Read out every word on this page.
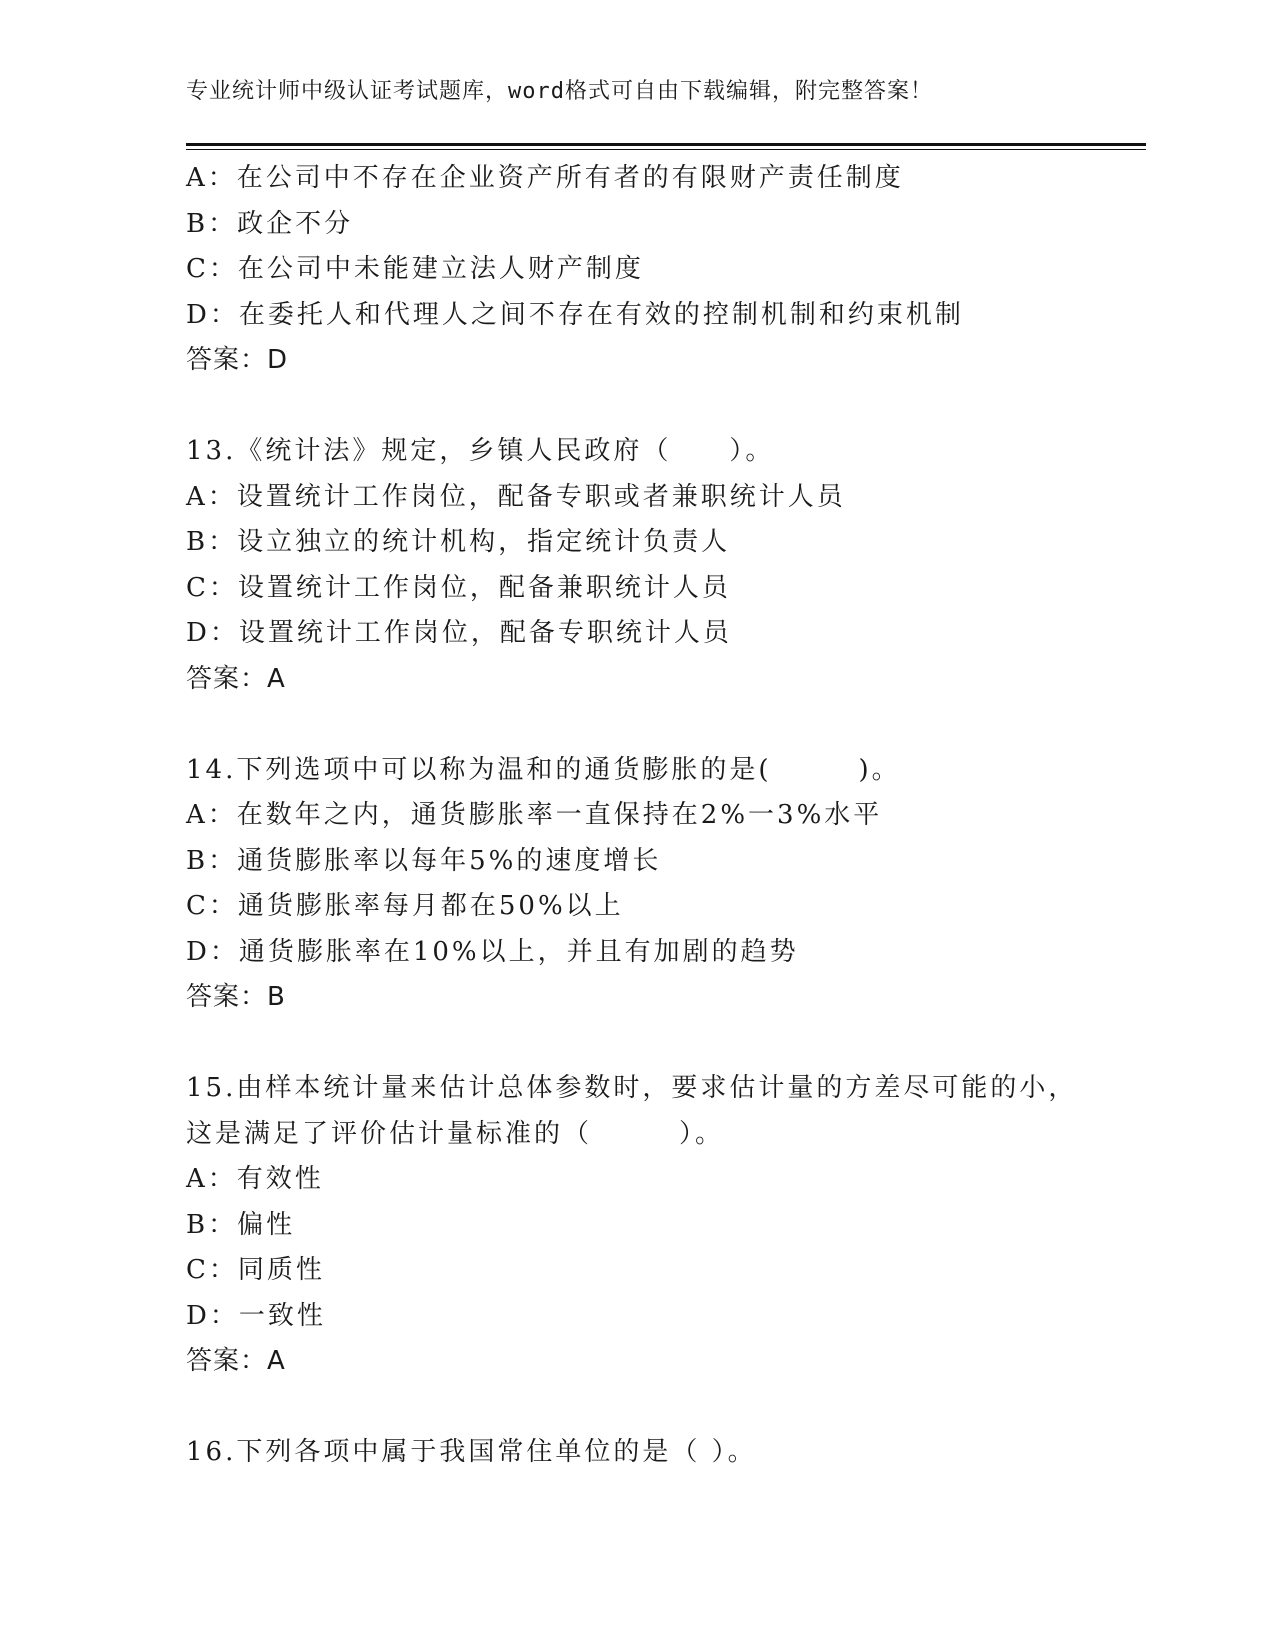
专业统计师中级认证考试题库，word格式可自由下载编辑，附完整答案！
A：在公司中不存在企业资产所有者的有限财产责任制度
B：政企不分
C：在公司中未能建立法人财产制度
D：在委托人和代理人之间不存在有效的控制机制和约束机制
答案：D
13.《统计法》规定，乡镇人民政府（　　）。
A：设置统计工作岗位，配备专职或者兼职统计人员
B：设立独立的统计机构，指定统计负责人
C：设置统计工作岗位，配备兼职统计人员
D：设置统计工作岗位，配备专职统计人员
答案：A
14.下列选项中可以称为温和的通货膨胀的是(　　　)。
A：在数年之内，通货膨胀率一直保持在2%一3%水平
B：通货膨胀率以每年5%的速度增长
C：通货膨胀率每月都在50%以上
D：通货膨胀率在10%以上，并且有加剧的趋势
答案：B
15.由样本统计量来估计总体参数时，要求估计量的方差尽可能的小，
这是满足了评价估计量标准的（　　　）。
A：有效性
B：偏性
C：同质性
D：一致性
答案：A
16.下列各项中属于我国常住单位的是（ ）。
